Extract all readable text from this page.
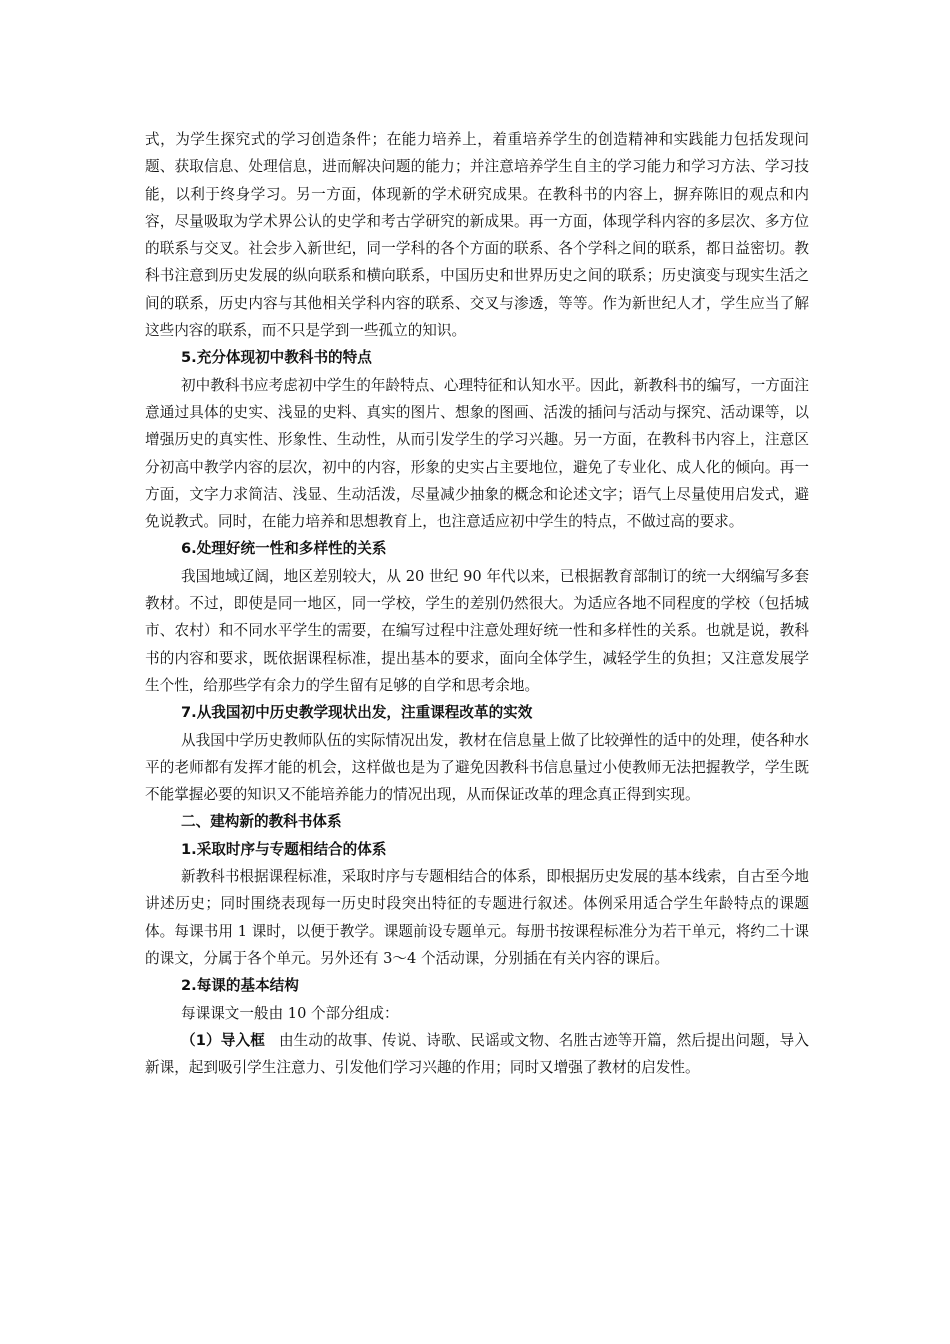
式，为学生探究式的学习创造条件；在能力培养上，着重培养学生的创造精神和实践能力包括发现问题、获取信息、处理信息，进而解决问题的能力；并注意培养学生自主的学习能力和学习方法、学习技能，以利于终身学习。另一方面，体现新的学术研究成果。在教科书的内容上，摒弃陈旧的观点和内容，尽量吸取为学术界公认的史学和考古学研究的新成果。再一方面，体现学科内容的多层次、多方位的联系与交叉。社会步入新世纪，同一学科的各个方面的联系、各个学科之间的联系，都日益密切。教科书注意到历史发展的纵向联系和横向联系，中国历史和世界历史之间的联系；历史演变与现实生活之间的联系，历史内容与其他相关学科内容的联系、交叉与渗透，等等。作为新世纪人才，学生应当了解这些内容的联系，而不只是学到一些孤立的知识。

5.充分体现初中教科书的特点

初中教科书应考虑初中学生的年龄特点、心理特征和认知水平。因此，新教科书的编写，一方面注意通过具体的史实、浅显的史料、真实的图片、想象的图画、活泼的插问与活动与探究、活动课等，以增强历史的真实性、形象性、生动性，从而引发学生的学习兴趣。另一方面，在教科书内容上，注意区分初高中教学内容的层次，初中的内容，形象的史实占主要地位，避免了专业化、成人化的倾向。再一方面，文字力求简洁、浅显、生动活泼，尽量减少抽象的概念和论述文字；语气上尽量使用启发式，避免说教式。同时，在能力培养和思想教育上，也注意适应初中学生的特点，不做过高的要求。

6.处理好统一性和多样性的关系

我国地域辽阔，地区差别较大，从 20 世纪 90 年代以来，已根据教育部制订的统一大纲编写多套教材。不过，即使是同一地区，同一学校，学生的差别仍然很大。为适应各地不同程度的学校（包括城市、农村）和不同水平学生的需要，在编写过程中注意处理好统一性和多样性的关系。也就是说，教科书的内容和要求，既依据课程标准，提出基本的要求，面向全体学生，减轻学生的负担；又注意发展学生个性，给那些学有余力的学生留有足够的自学和思考余地。

7.从我国初中历史教学现状出发，注重课程改革的实效

从我国中学历史教师队伍的实际情况出发，教材在信息量上做了比较弹性的适中的处理，使各种水平的老师都有发挥才能的机会，这样做也是为了避免因教科书信息量过小使教师无法把握教学，学生既不能掌握必要的知识又不能培养能力的情况出现，从而保证改革的理念真正得到实现。

二、建构新的教科书体系

1.采取时序与专题相结合的体系

新教科书根据课程标准，采取时序与专题相结合的体系，即根据历史发展的基本线索，自古至今地讲述历史；同时围绕表现每一历史时段突出特征的专题进行叙述。体例采用适合学生年龄特点的课题体。每课书用 1 课时，以便于教学。课题前设专题单元。每册书按课程标准分为若干单元，将约二十课的课文，分属于各个单元。另外还有 3～4 个活动课，分别插在有关内容的课后。

2.每课的基本结构

每课课文一般由 10 个部分组成：

（1）导入框 由生动的故事、传说、诗歌、民谣或文物、名胜古迹等开篇，然后提出问题，导入新课，起到吸引学生注意力、引发他们学习兴趣的作用；同时又增强了教材的启发性。
